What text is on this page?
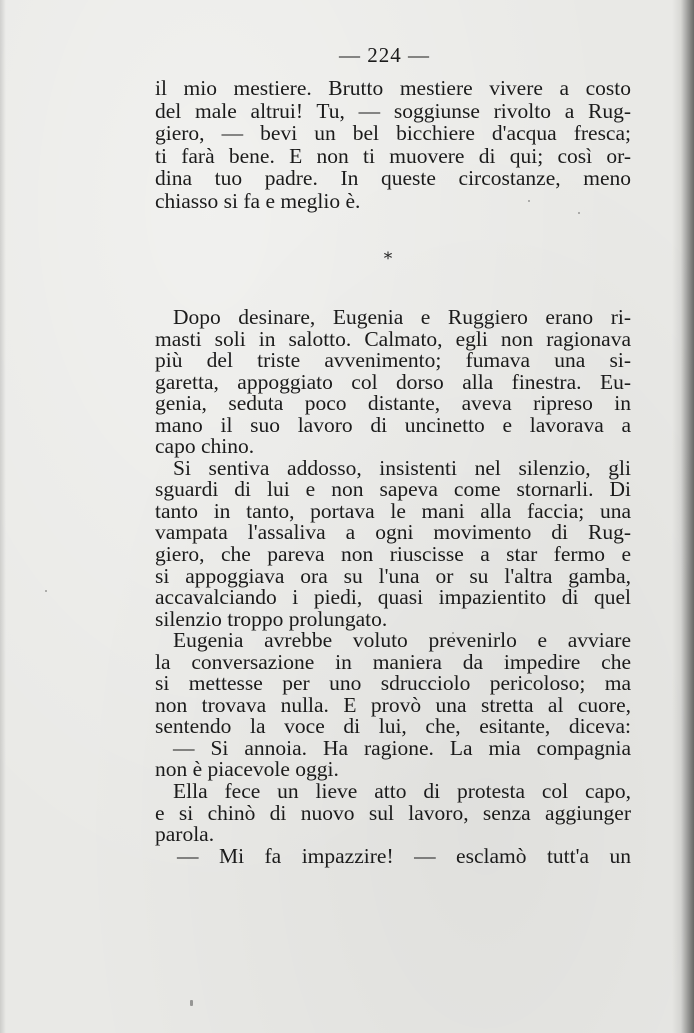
— 224 —
il mio mestiere. Brutto mestiere vivere a costo
del male altrui! Tu, — soggiunse rivolto a Rug-
giero, — bevi un bel bicchiere d'acqua fresca;
ti farà bene. E non ti muovere di qui; così or-
dina tuo padre. In queste circostanze, meno
chiasso si fa e meglio è.
*
Dopo desinare, Eugenia e Ruggiero erano ri-
masti soli in salotto. Calmato, egli non ragionava
più del triste avvenimento; fumava una si-
garetta, appoggiato col dorso alla finestra. Eu-
genia, seduta poco distante, aveva ripreso in
mano il suo lavoro di uncinetto e lavorava a
capo chino.
Si sentiva addosso, insistenti nel silenzio, gli
sguardi di lui e non sapeva come stornarli. Di
tanto in tanto, portava le mani alla faccia; una
vampata l'assaliva a ogni movimento di Rug-
giero, che pareva non riuscisse a star fermo e
si appoggiava ora su l'una or su l'altra gamba,
accavalciando i piedi, quasi impazientito di quel
silenzio troppo prolungato.
Eugenia avrebbe voluto prevenirlo e avviare
la conversazione in maniera da impedire che
si mettesse per uno sdrucciolo pericoloso; ma
non trovava nulla. E provò una stretta al cuore,
sentendo la voce di lui, che, esitante, diceva:
— Si annoia. Ha ragione. La mia compagnia
non è piacevole oggi.
Ella fece un lieve atto di protesta col capo,
e si chinò di nuovo sul lavoro, senza aggiunger
parola.
— Mi fa impazzire! — esclamò tutt'a un
